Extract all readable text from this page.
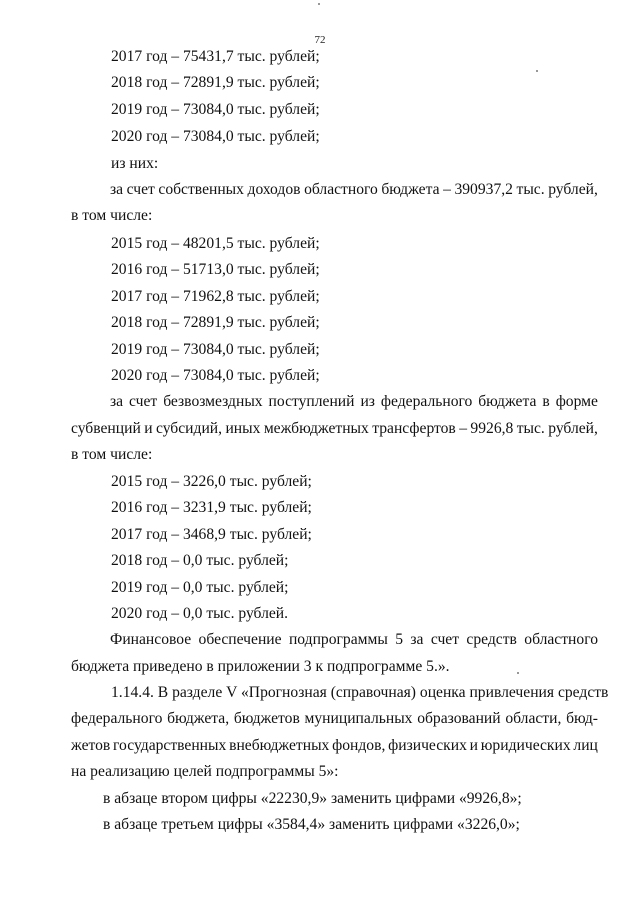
72
2017 год – 75431,7 тыс. рублей;
2018 год – 72891,9 тыс. рублей;
2019 год – 73084,0 тыс. рублей;
2020 год – 73084,0 тыс. рублей;
из них:
за счет собственных доходов областного бюджета – 390937,2 тыс. рублей,
в том числе:
2015 год – 48201,5 тыс. рублей;
2016 год – 51713,0 тыс. рублей;
2017 год – 71962,8 тыс. рублей;
2018 год – 72891,9 тыс. рублей;
2019 год – 73084,0 тыс. рублей;
2020 год – 73084,0 тыс. рублей;
за счет безвозмездных поступлений из федерального бюджета в форме
субвенций и субсидий, иных межбюджетных трансфертов – 9926,8 тыс. рублей,
в том числе:
2015 год – 3226,0 тыс. рублей;
2016 год – 3231,9 тыс. рублей;
2017 год – 3468,9 тыс. рублей;
2018 год – 0,0 тыс. рублей;
2019 год – 0,0 тыс. рублей;
2020 год – 0,0 тыс. рублей.
Финансовое обеспечение подпрограммы 5 за счет средств областного
бюджета приведено в приложении 3 к подпрограмме 5.».
1.14.4. В разделе V «Прогнозная (справочная) оценка привлечения средств
федерального бюджета, бюджетов муниципальных образований области, бюд-
жетов государственных внебюджетных фондов, физических и юридических лиц
на реализацию целей подпрограммы 5»:
в абзаце втором цифры «22230,9» заменить цифрами «9926,8»;
в абзаце третьем цифры «3584,4» заменить цифрами «3226,0»;
